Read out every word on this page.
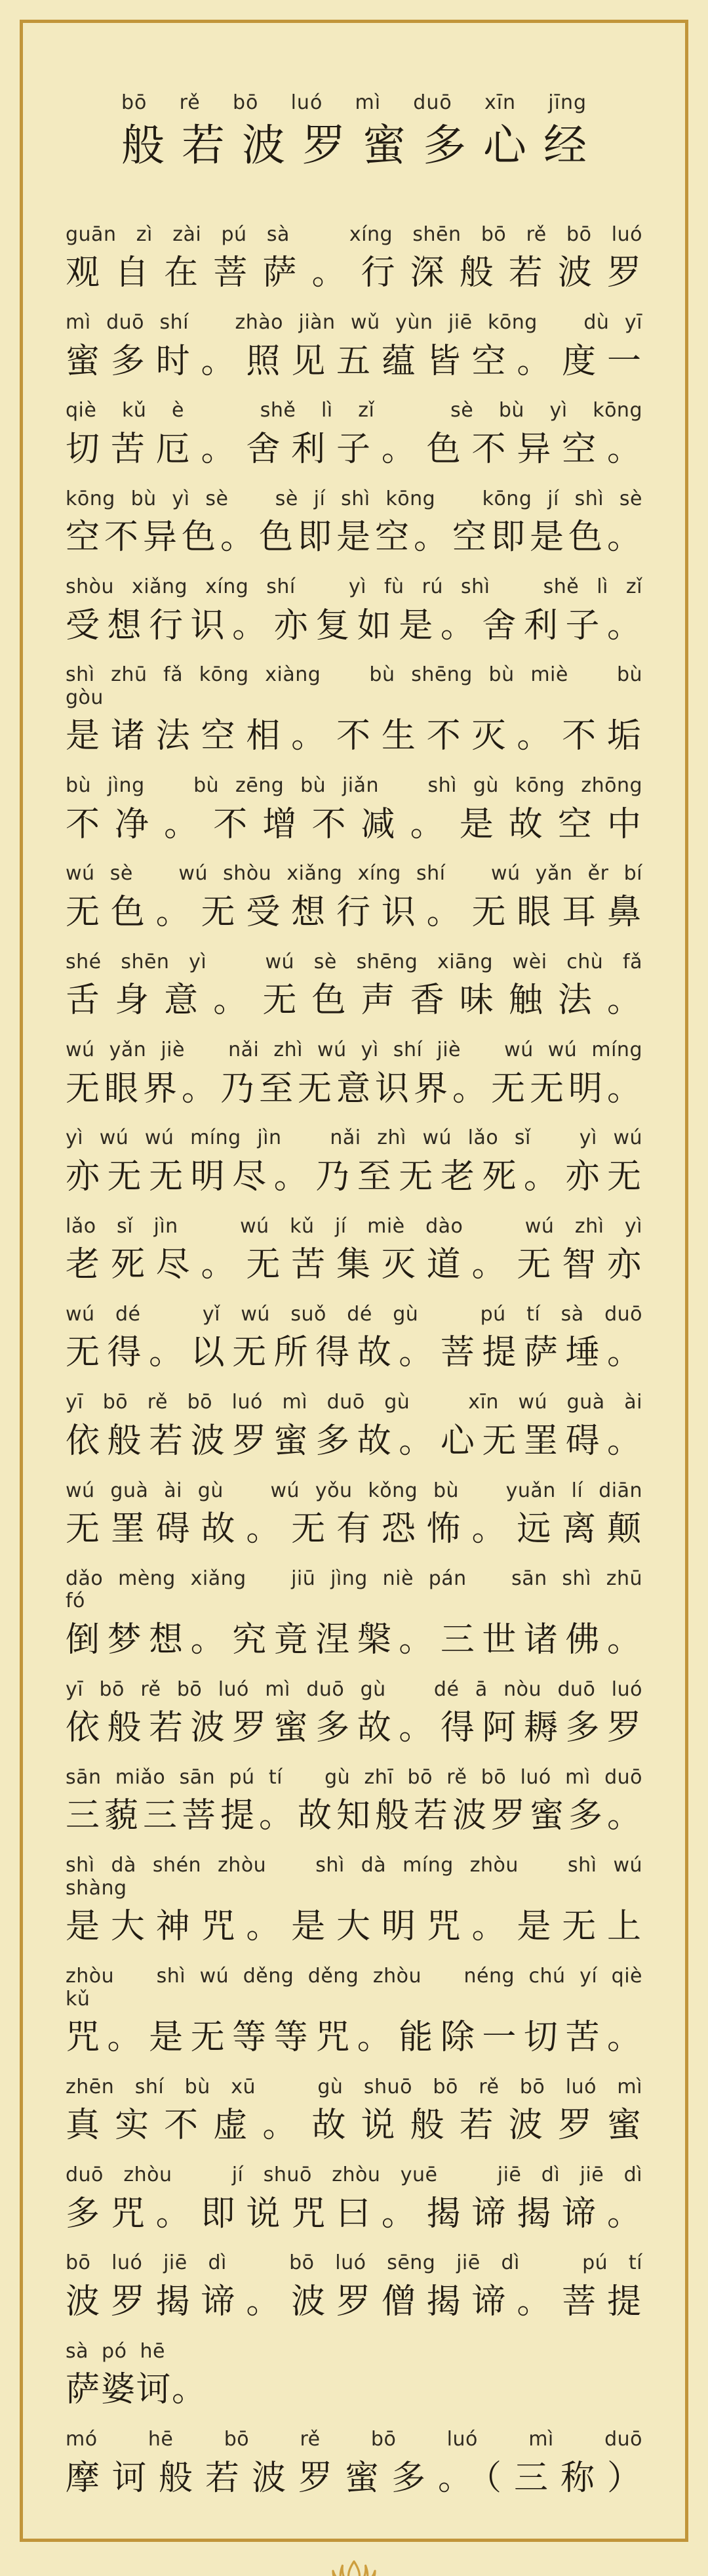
bō rě bō luó mì duō xīn jīng
般若波罗蜜多心经
guān zì zài pú sà   xíng shēn bō rě bō luó
观自在菩萨。行深般若波罗
mì duō shí   zhào jiàn wǔ yùn jiē kōng   dù yī
蜜多时。照见五蕴皆空。度一
qiè kǔ è   shě lì zǐ   sè bù yì kōng
切苦厄。舍利子。色不异空。
kōng bù yì sè   sè jí shì kōng   kōng jí shì sè
空不异色。色即是空。空即是色。
shòu xiǎng xíng shí   yì fù rú shì   shě lì zǐ
受想行识。亦复如是。舍利子。
shì zhū fǎ kōng xiàng   bù shēng bù miè   bù gòu
是诸法空相。不生不灭。不垢
bù jìng   bù zēng bù jiǎn   shì gù kōng zhōng
不净。不增不减。是故空中
wú sè   wú shòu xiǎng xíng shí   wú yǎn ěr bí
无色。无受想行识。无眼耳鼻
shé shēn yì   wú sè shēng xiāng wèi chù fǎ
舌身意。无色声香味触法。
wú yǎn jiè   nǎi zhì wú yì shí jiè   wú wú míng
无眼界。乃至无意识界。无无明。
yì wú wú míng jìn   nǎi zhì wú lǎo sǐ   yì wú
亦无无明尽。乃至无老死。亦无
lǎo sǐ jìn   wú kǔ jí miè dào   wú zhì yì
老死尽。无苦集灭道。无智亦
wú dé   yǐ wú suǒ dé gù   pú tí sà duō
无得。以无所得故。菩提萨埵。
yī bō rě bō luó mì duō gù   xīn wú guà ài
依般若波罗蜜多故。心无罣碍。
wú guà ài gù   wú yǒu kǒng bù   yuǎn lí diān
无罣碍故。无有恐怖。远离颠
dǎo mèng xiǎng   jiū jìng niè pán   sān shì zhū fó
倒梦想。究竟涅槃。三世诸佛。
yī bō rě bō luó mì duō gù   dé ā nòu duō luó
依般若波罗蜜多故。得阿耨多罗
sān miǎo sān pú tí   gù zhī bō rě bō luó mì duō
三藐三菩提。故知般若波罗蜜多。
shì dà shén zhòu   shì dà míng zhòu   shì wú shàng
是大神咒。是大明咒。是无上
zhòu   shì wú děng děng zhòu   néng chú yí qiè kǔ
咒。是无等等咒。能除一切苦。
zhēn shí bù xū   gù shuō bō rě bō luó mì
真实不虚。故说般若波罗蜜
duō zhòu   jí shuō zhòu yuē   jiē dì jiē dì
多咒。即说咒曰。揭谛揭谛。
bō luó jiē dì   bō luó sēng jiē dì   pú tí
波罗揭谛。波罗僧揭谛。菩提
sà pó hē
萨婆诃。
mó hē bō rě bō luó mì duō
摩诃般若波罗蜜多。（三称）
